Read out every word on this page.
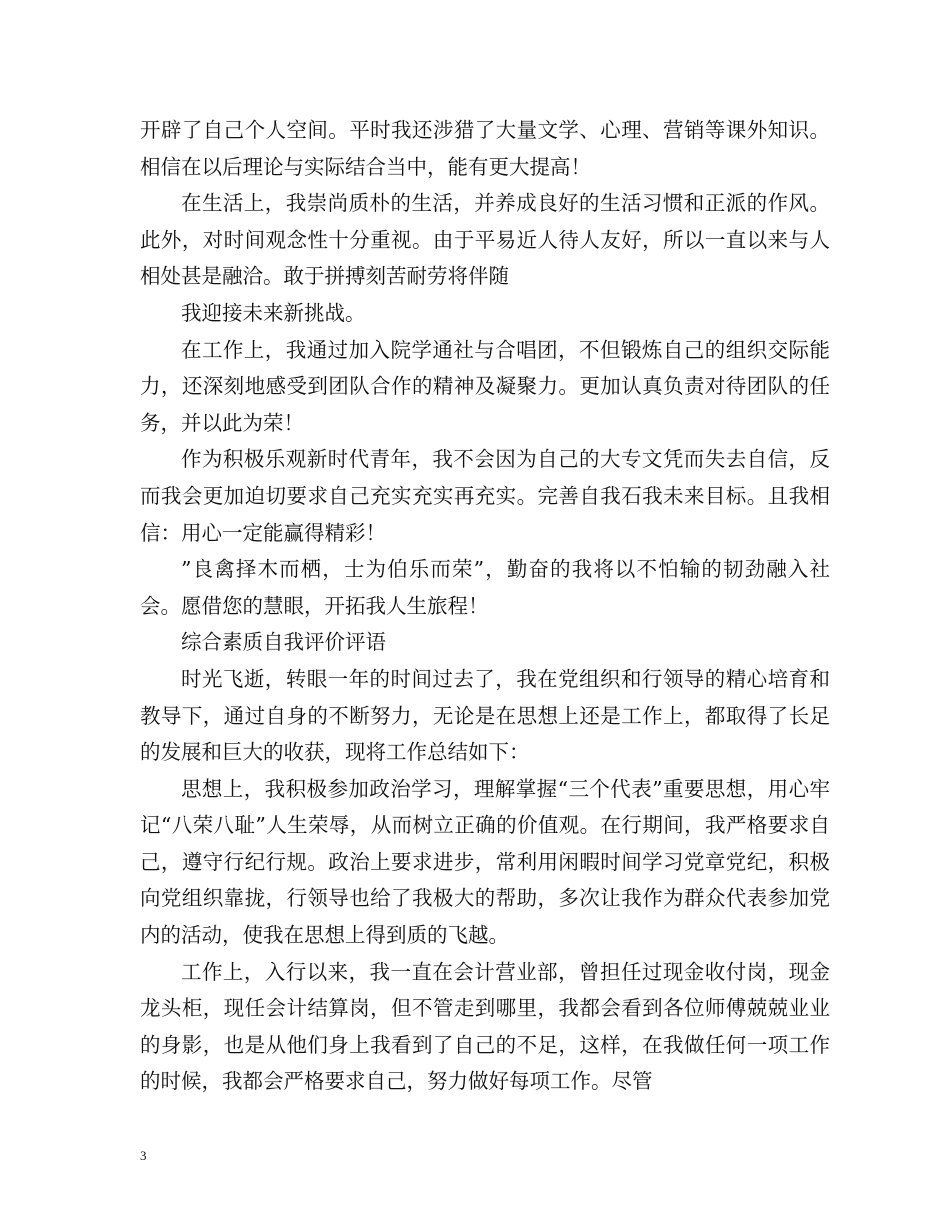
开辟了自己个人空间。平时我还涉猎了大量文学、心理、营销等课外知识。相信在以后理论与实际结合当中，能有更大提高！

在生活上，我崇尚质朴的生活，并养成良好的生活习惯和正派的作风。此外，对时间观念性十分重视。由于平易近人待人友好，所以一直以来与人相处甚是融洽。敢于拼搏刻苦耐劳将伴随

我迎接未来新挑战。

在工作上，我通过加入院学通社与合唱团，不但锻炼自己的组织交际能力，还深刻地感受到团队合作的精神及凝聚力。更加认真负责对待团队的任务，并以此为荣！

作为积极乐观新时代青年，我不会因为自己的大专文凭而失去自信，反而我会更加迫切要求自己充实充实再充实。完善自我石我未来目标。且我相信：用心一定能赢得精彩！

”良禽择木而栖，士为伯乐而荣”，勤奋的我将以不怕输的韧劲融入社会。愿借您的慧眼，开拓我人生旅程！

综合素质自我评价评语

时光飞逝，转眼一年的时间过去了，我在党组织和行领导的精心培育和教导下，通过自身的不断努力，无论是在思想上还是工作上，都取得了长足的发展和巨大的收获，现将工作总结如下：

思想上，我积极参加政治学习，理解掌握“三个代表”重要思想，用心牢记“八荣八耻”人生荣辱，从而树立正确的价值观。在行期间，我严格要求自己，遵守行纪行规。政治上要求进步，常利用闲暇时间学习党章党纪，积极向党组织靠拢，行领导也给了我极大的帮助，多次让我作为群众代表参加党内的活动，使我在思想上得到质的飞越。

工作上，入行以来，我一直在会计营业部，曾担任过现金收付岗，现金龙头柜，现任会计结算岗，但不管走到哪里，我都会看到各位师傅兢兢业业的身影，也是从他们身上我看到了自己的不足，这样，在我做任何一项工作的时候，我都会严格要求自己，努力做好每项工作。尽管

3
